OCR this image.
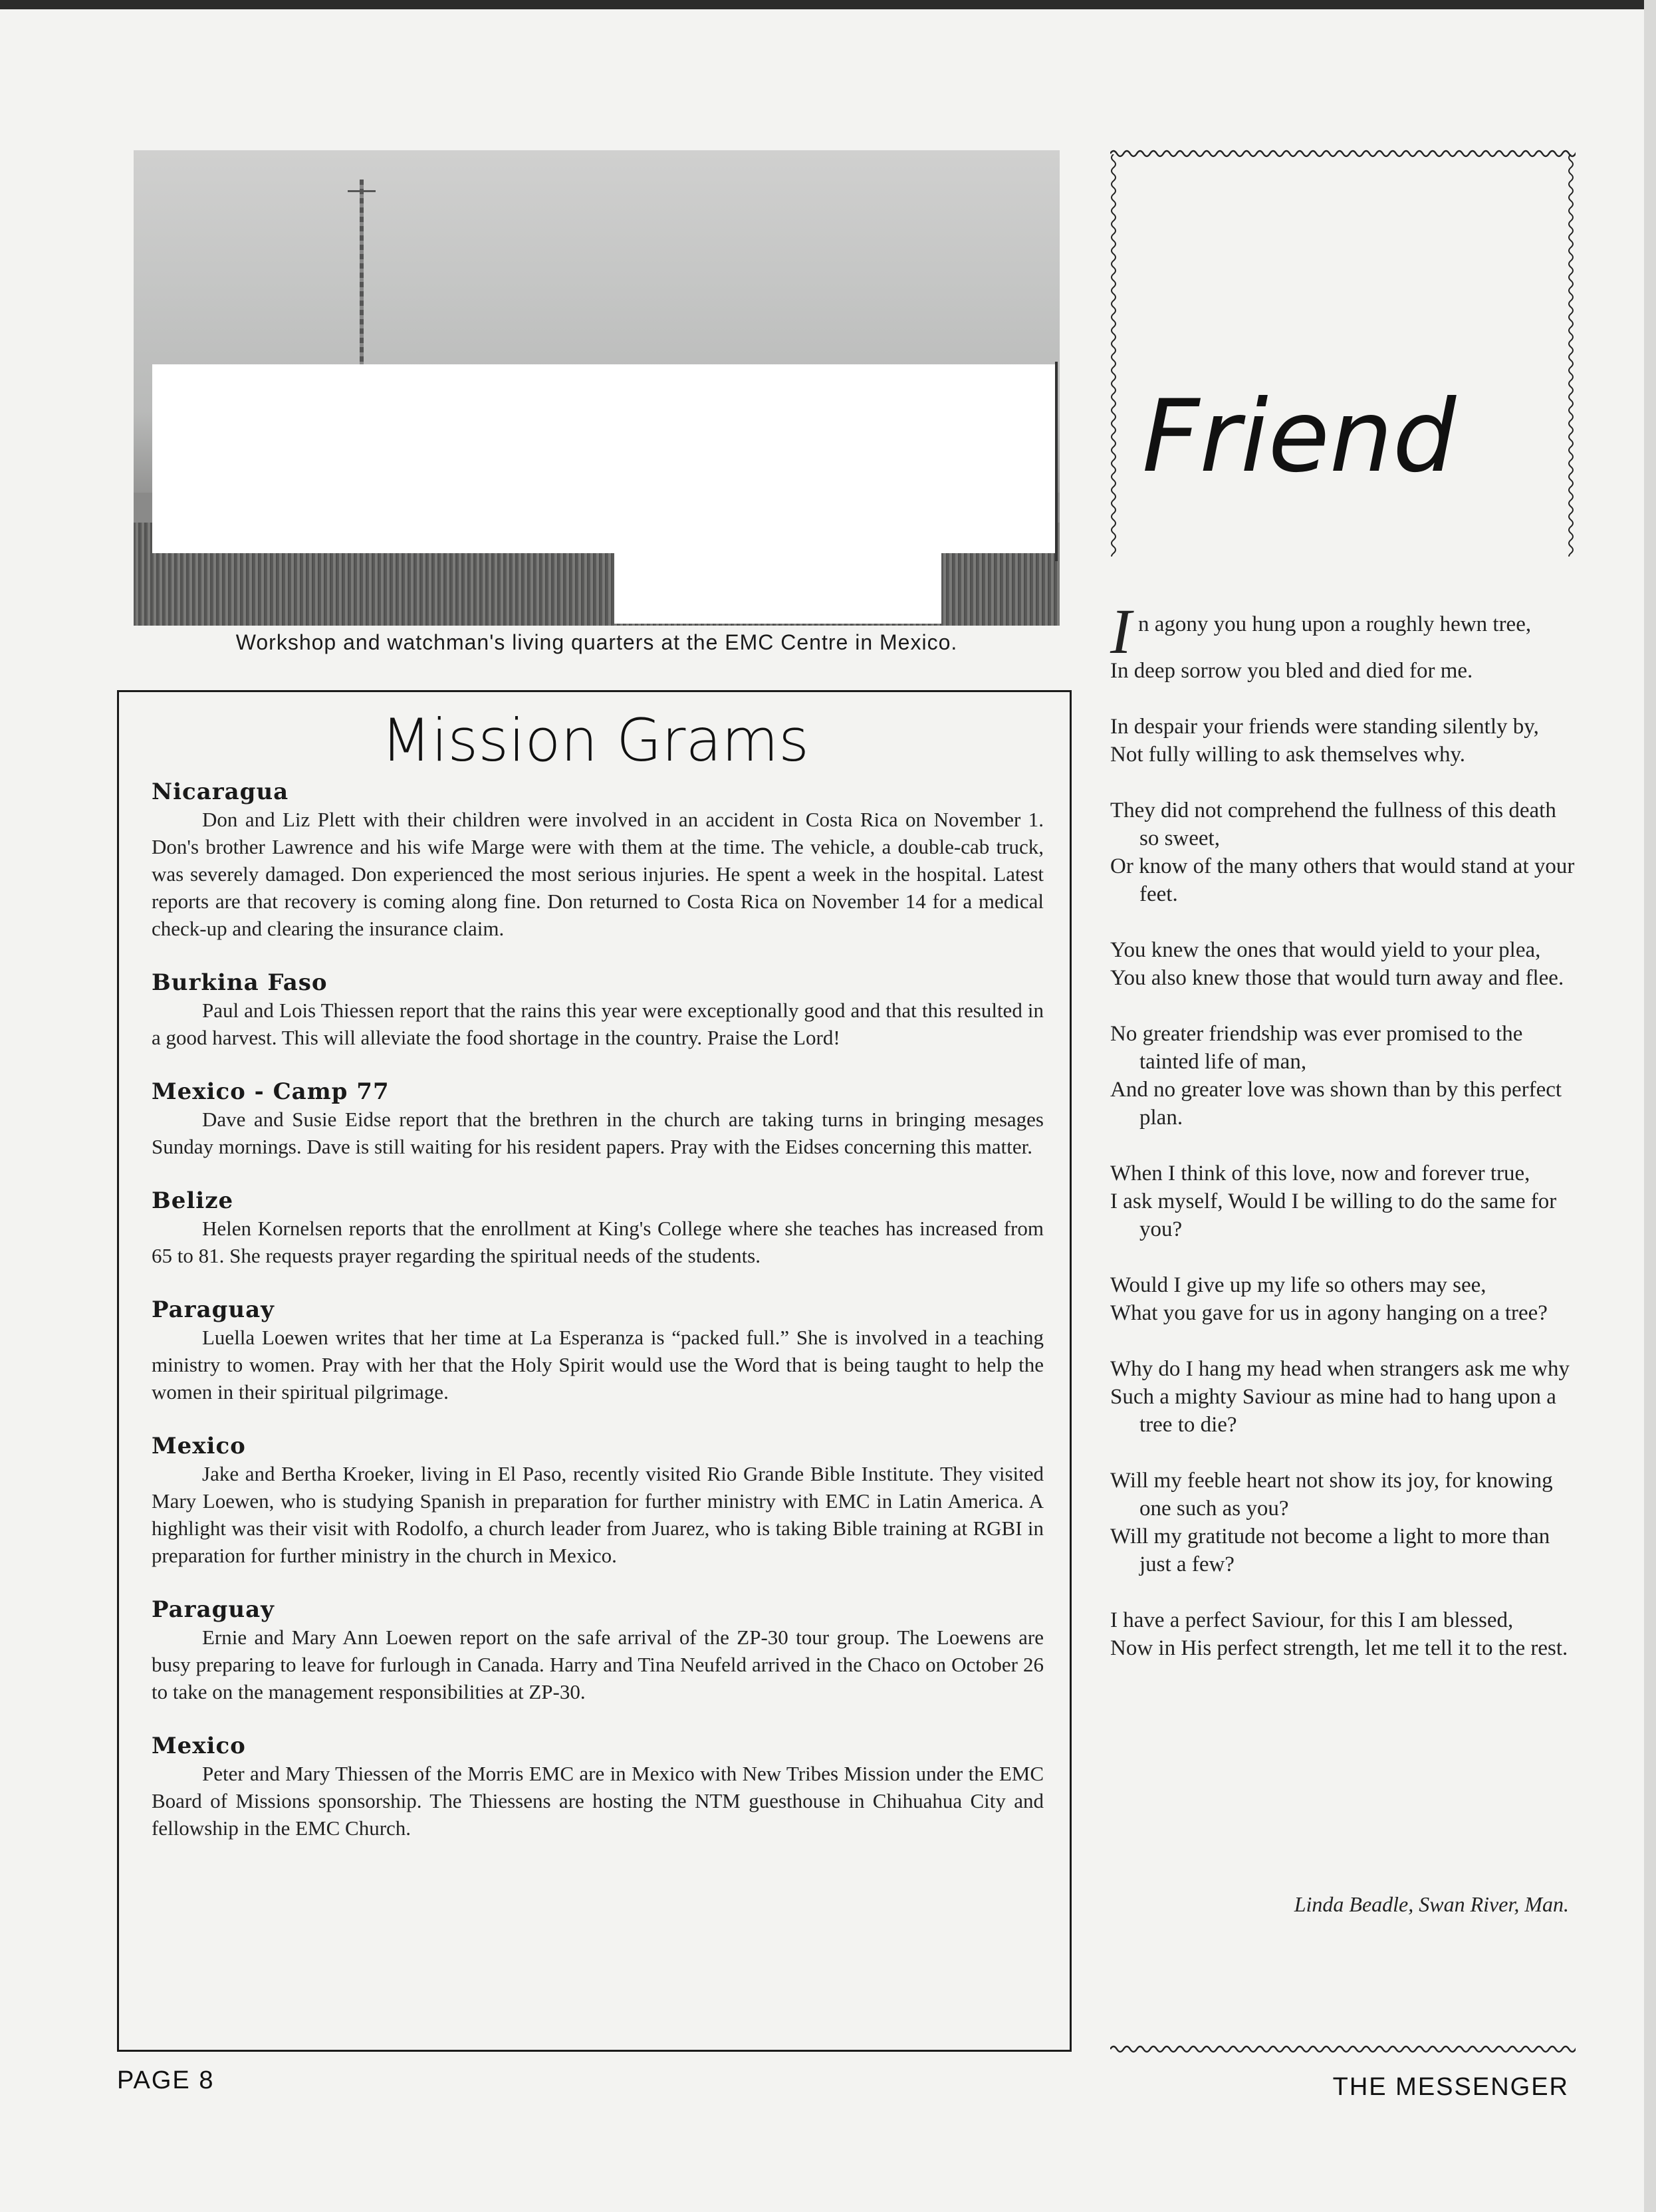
Workshop and watchman's living quarters at the EMC Centre in Mexico.
Mission Grams
Nicaragua
Don and Liz Plett with their children were involved in an accident in Costa Rica on November 1. Don's brother Lawrence and his wife Marge were with them at the time. The vehicle, a double-cab truck, was severely damaged. Don experienced the most serious injuries. He spent a week in the hospital. Latest reports are that recovery is coming along fine. Don returned to Costa Rica on November 14 for a medical check-up and clearing the insurance claim.
Burkina Faso
Paul and Lois Thiessen report that the rains this year were exceptionally good and that this resulted in a good harvest. This will alleviate the food shortage in the country. Praise the Lord!
Mexico - Camp 77
Dave and Susie Eidse report that the brethren in the church are taking turns in bringing mesages Sunday mornings. Dave is still waiting for his resident papers. Pray with the Eidses concerning this matter.
Belize
Helen Kornelsen reports that the enrollment at King's College where she teaches has increased from 65 to 81. She requests prayer regarding the spiritual needs of the students.
Paraguay
Luella Loewen writes that her time at La Esperanza is “packed full.” She is involved in a teaching ministry to women. Pray with her that the Holy Spirit would use the Word that is being taught to help the women in their spiritual pilgrimage.
Mexico
Jake and Bertha Kroeker, living in El Paso, recently visited Rio Grande Bible Institute. They visited Mary Loewen, who is studying Spanish in preparation for further ministry with EMC in Latin America. A highlight was their visit with Rodolfo, a church leader from Juarez, who is taking Bible training at RGBI in preparation for further ministry in the church in Mexico.
Paraguay
Ernie and Mary Ann Loewen report on the safe arrival of the ZP-30 tour group. The Loewens are busy preparing to leave for furlough in Canada. Harry and Tina Neufeld arrived in the Chaco on October 26 to take on the management responsibilities at ZP-30.
Mexico
Peter and Mary Thiessen of the Morris EMC are in Mexico with New Tribes Mission under the EMC Board of Missions sponsorship. The Thiessens are hosting the NTM guesthouse in Chihuahua City and fellowship in the EMC Church.
Friend
In agony you hung upon a roughly hewn tree,
In deep sorrow you bled and died for me.
In despair your friends were standing silently by,
Not fully willing to ask themselves why.
They did not comprehend the fullness of this death so sweet,
Or know of the many others that would stand at your feet.
You knew the ones that would yield to your plea,
You also knew those that would turn away and flee.
No greater friendship was ever promised to the tainted life of man,
And no greater love was shown than by this perfect plan.
When I think of this love, now and forever true,
I ask myself, Would I be willing to do the same for you?
Would I give up my life so others may see,
What you gave for us in agony hanging on a tree?
Why do I hang my head when strangers ask me why
Such a mighty Saviour as mine had to hang upon a tree to die?
Will my feeble heart not show its joy, for knowing one such as you?
Will my gratitude not become a light to more than just a few?
I have a perfect Saviour, for this I am blessed,
Now in His perfect strength, let me tell it to the rest.
Linda Beadle, Swan River, Man.
PAGE 8	THE MESSENGER
